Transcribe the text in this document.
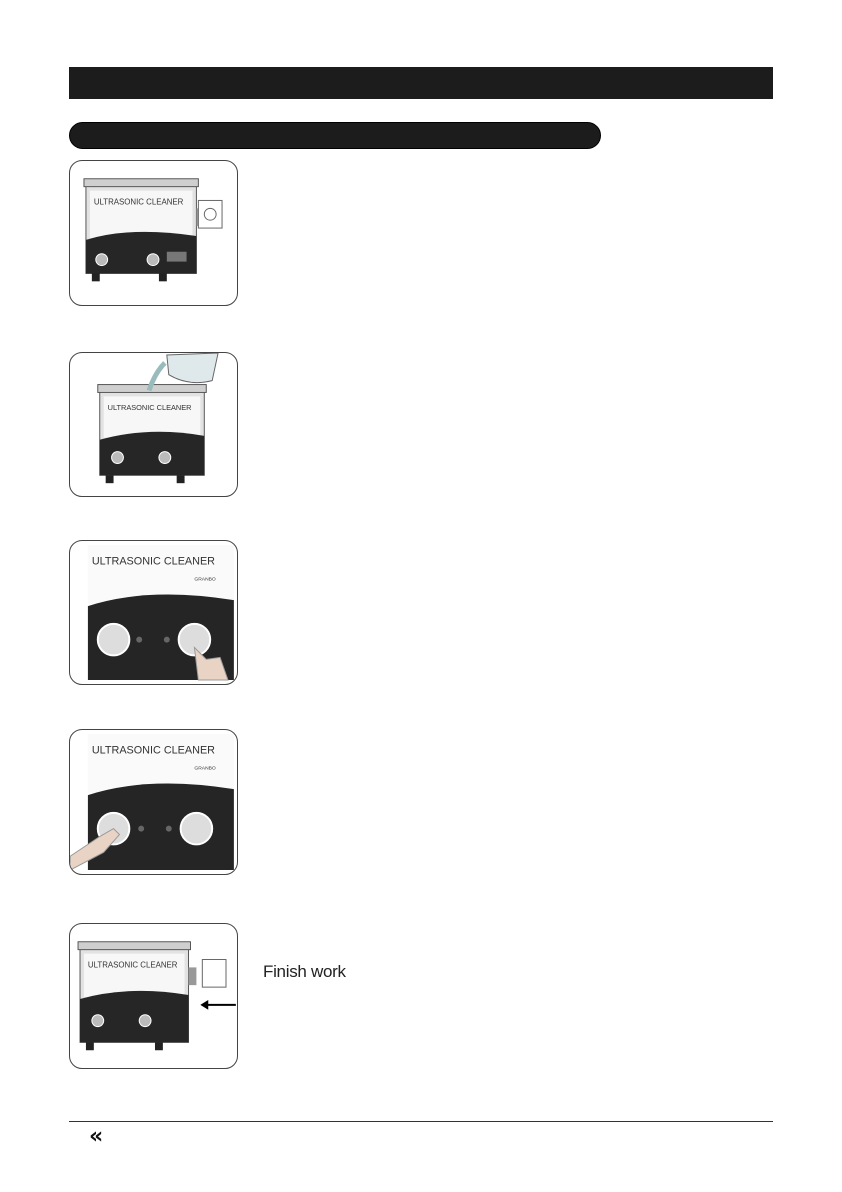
ULTRASONIC CLEANER
ULTRASONIC CLEANER
ULTRASONIC CLEANER
GRANBO
ULTRASONIC CLEANER
GRANBO
ULTRASONIC CLEANER	Finish work
«
